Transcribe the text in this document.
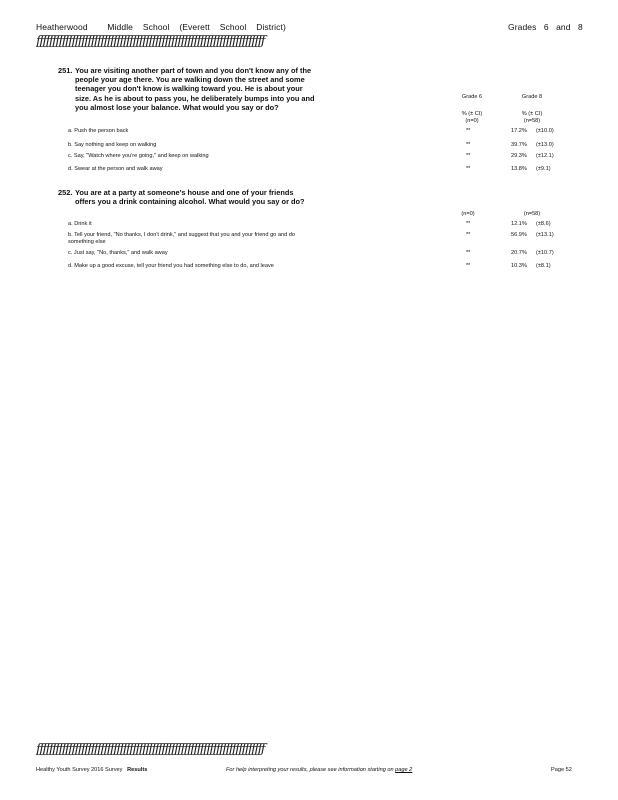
Heatherwood Middle School (Everett School District)	Grades 6 and 8
ƒƒƒƒƒƒƒƒƒƒƒƒƒƒƒƒƒƒƒƒƒƒƒƒƒƒƒƒƒƒƒƒƒƒƒƒƒƒƒƒƒƒƒƒƒƒƒƒƒƒƒƒƒƒƒƒƒƒƒƒƒƒƒƒƒƒƒƒƒƒƒ
251. You are visiting another part of town and you don't know any of the people your age there. You are walking down the street and some teenager you don't know is walking toward you. He is about your size. As he is about to pass you, he deliberately bumps into you and you almost lose your balance. What would you say or do?
Grade 6	Grade 8
% (± CI)	% (± CI)
(n=0)	(n=58)
a. Push the person back	**	17.2% (±10.0)
b. Say nothing and keep on walking	**	39.7% (±13.0)
c. Say, "Watch where you're going," and keep on walking	**	29.3% (±12.1)
d. Swear at the person and walk away	**	13.8% (±9.1)
252. You are at a party at someone's house and one of your friends offers you a drink containing alcohol. What would you say or do?
(n=0)	(n=58)
a. Drink it	**	12.1% (±8.6)
b. Tell your friend, "No thanks, I don't drink," and suggest that you and your friend go and do something else
**	56.9% (±13.1)
c. Just say, "No, thanks," and walk away	**	20.7% (±10.7)
d. Make up a good excuse, tell your friend you had something else to do, and leave	**	10.3% (±8.1)
ƒƒƒƒƒƒƒƒƒƒƒƒƒƒƒƒƒƒƒƒƒƒƒƒƒƒƒƒƒƒƒƒƒƒƒƒƒƒƒƒƒƒƒƒƒƒƒƒƒƒƒƒƒƒƒƒƒƒƒƒƒƒƒƒƒƒƒƒƒƒƒ
Healthy Youth Survey 2016 Survey Results	For help interpreting your results, please see information starting on page 2	Page 52
